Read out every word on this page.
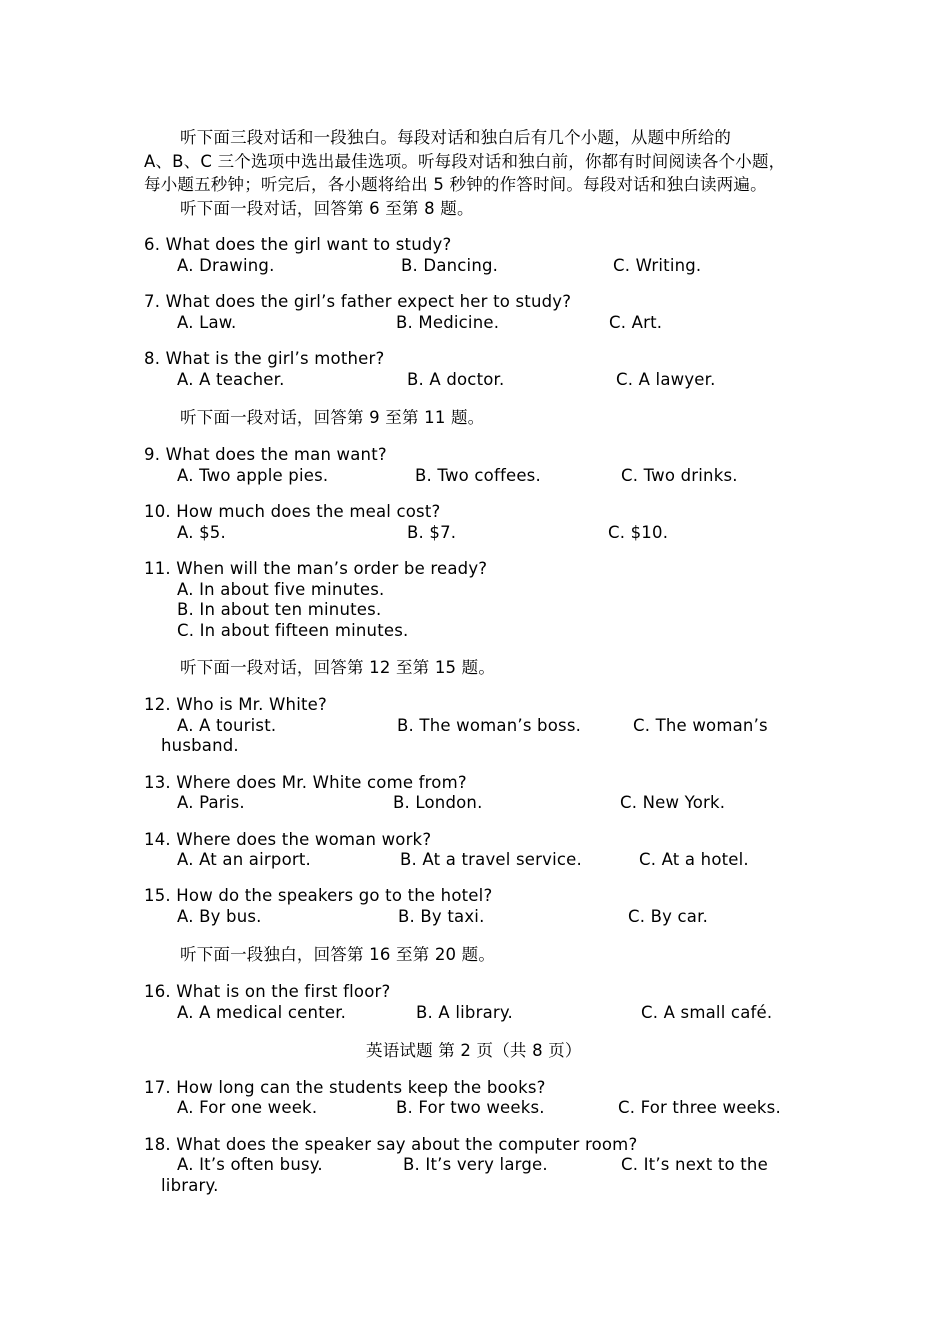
听下面三段对话和一段独白。每段对话和独白后有几个小题，从题中所给的
A、B、C 三个选项中选出最佳选项。听每段对话和独白前，你都有时间阅读各个小题，
每小题五秒钟；听完后，各小题将给出 5 秒钟的作答时间。每段对话和独白读两遍。
听下面一段对话，回答第 6 至第 8 题。
6. What does the girl want to study?
A. Drawing.	B. Dancing.	C. Writing.
7. What does the girl’s father expect her to study?
A. Law.	B. Medicine.	C. Art.
8. What is the girl’s mother?
A. A teacher.	B. A doctor.	C. A lawyer.
听下面一段对话，回答第 9 至第 11 题。
9. What does the man want?
A. Two apple pies.	B. Two coffees.	C. Two drinks.
10. How much does the meal cost?
A. $5.	B. $7.	C. $10.
11. When will the man’s order be ready?
A. In about five minutes.
B. In about ten minutes.
C. In about fifteen minutes.
听下面一段对话，回答第 12 至第 15 题。
12. Who is Mr. White?
A. A tourist.	B. The woman’s boss.	C. The woman’s
husband.
13. Where does Mr. White come from?
A. Paris.	B. London.	C. New York.
14. Where does the woman work?
A. At an airport.	B. At a travel service.	C. At a hotel.
15. How do the speakers go to the hotel?
A. By bus.	B. By taxi.	C. By car.
听下面一段独白，回答第 16 至第 20 题。
16. What is on the first floor?
A. A medical center.	B. A library.	C. A small café.
英语试题 第 2 页（共 8 页）
17. How long can the students keep the books?
A. For one week.	B. For two weeks.	C. For three weeks.
18. What does the speaker say about the computer room?
A. It’s often busy.	B. It’s very large.	C. It’s next to the
library.
